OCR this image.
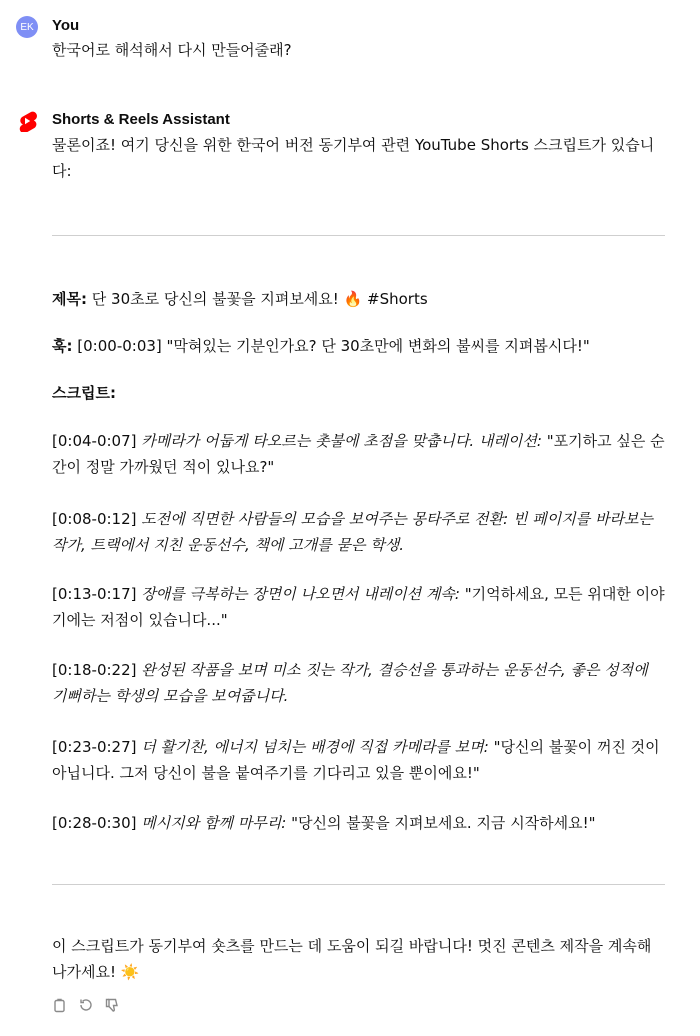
EK You

한국어로 해석해서 다시 만들어줄래?

Shorts & Reels Assistant

물론이죠! 여기 당신을 위한 한국어 버전 동기부여 관련 YouTube Shorts 스크립트가 있습니다:

제목: 단 30초로 당신의 불꽃을 지펴보세요! 🔥 #Shorts

훅: [0:00-0:03] "막혀있는 기분인가요? 단 30초만에 변화의 불씨를 지펴봅시다!"

스크립트:

[0:04-0:07] 카메라가 어둡게 타오르는 촛불에 초점을 맞춥니다. 내레이션: "포기하고 싶은 순간이 정말 가까웠던 적이 있나요?"

[0:08-0:12] 도전에 직면한 사람들의 모습을 보여주는 몽타주로 전환: 빈 페이지를 바라보는 작가, 트랙에서 지친 운동선수, 책에 고개를 묻은 학생.

[0:13-0:17] 장애를 극복하는 장면이 나오면서 내레이션 계속: "기억하세요, 모든 위대한 이야기에는 저점이 있습니다..."

[0:18-0:22] 완성된 작품을 보며 미소 짓는 작가, 결승선을 통과하는 운동선수, 좋은 성적에 기뻐하는 학생의 모습을 보여줍니다.

[0:23-0:27] 더 활기찬, 에너지 넘치는 배경에 직접 카메라를 보며: "당신의 불꽃이 꺼진 것이 아닙니다. 그저 당신이 불을 붙여주기를 기다리고 있을 뿐이에요!"

[0:28-0:30] 메시지와 함께 마무리: "당신의 불꽃을 지펴보세요. 지금 시작하세요!"

이 스크립트가 동기부여 숏츠를 만드는 데 도움이 되길 바랍니다! 멋진 콘텐츠 제작을 계속해 나가세요! ☀️
